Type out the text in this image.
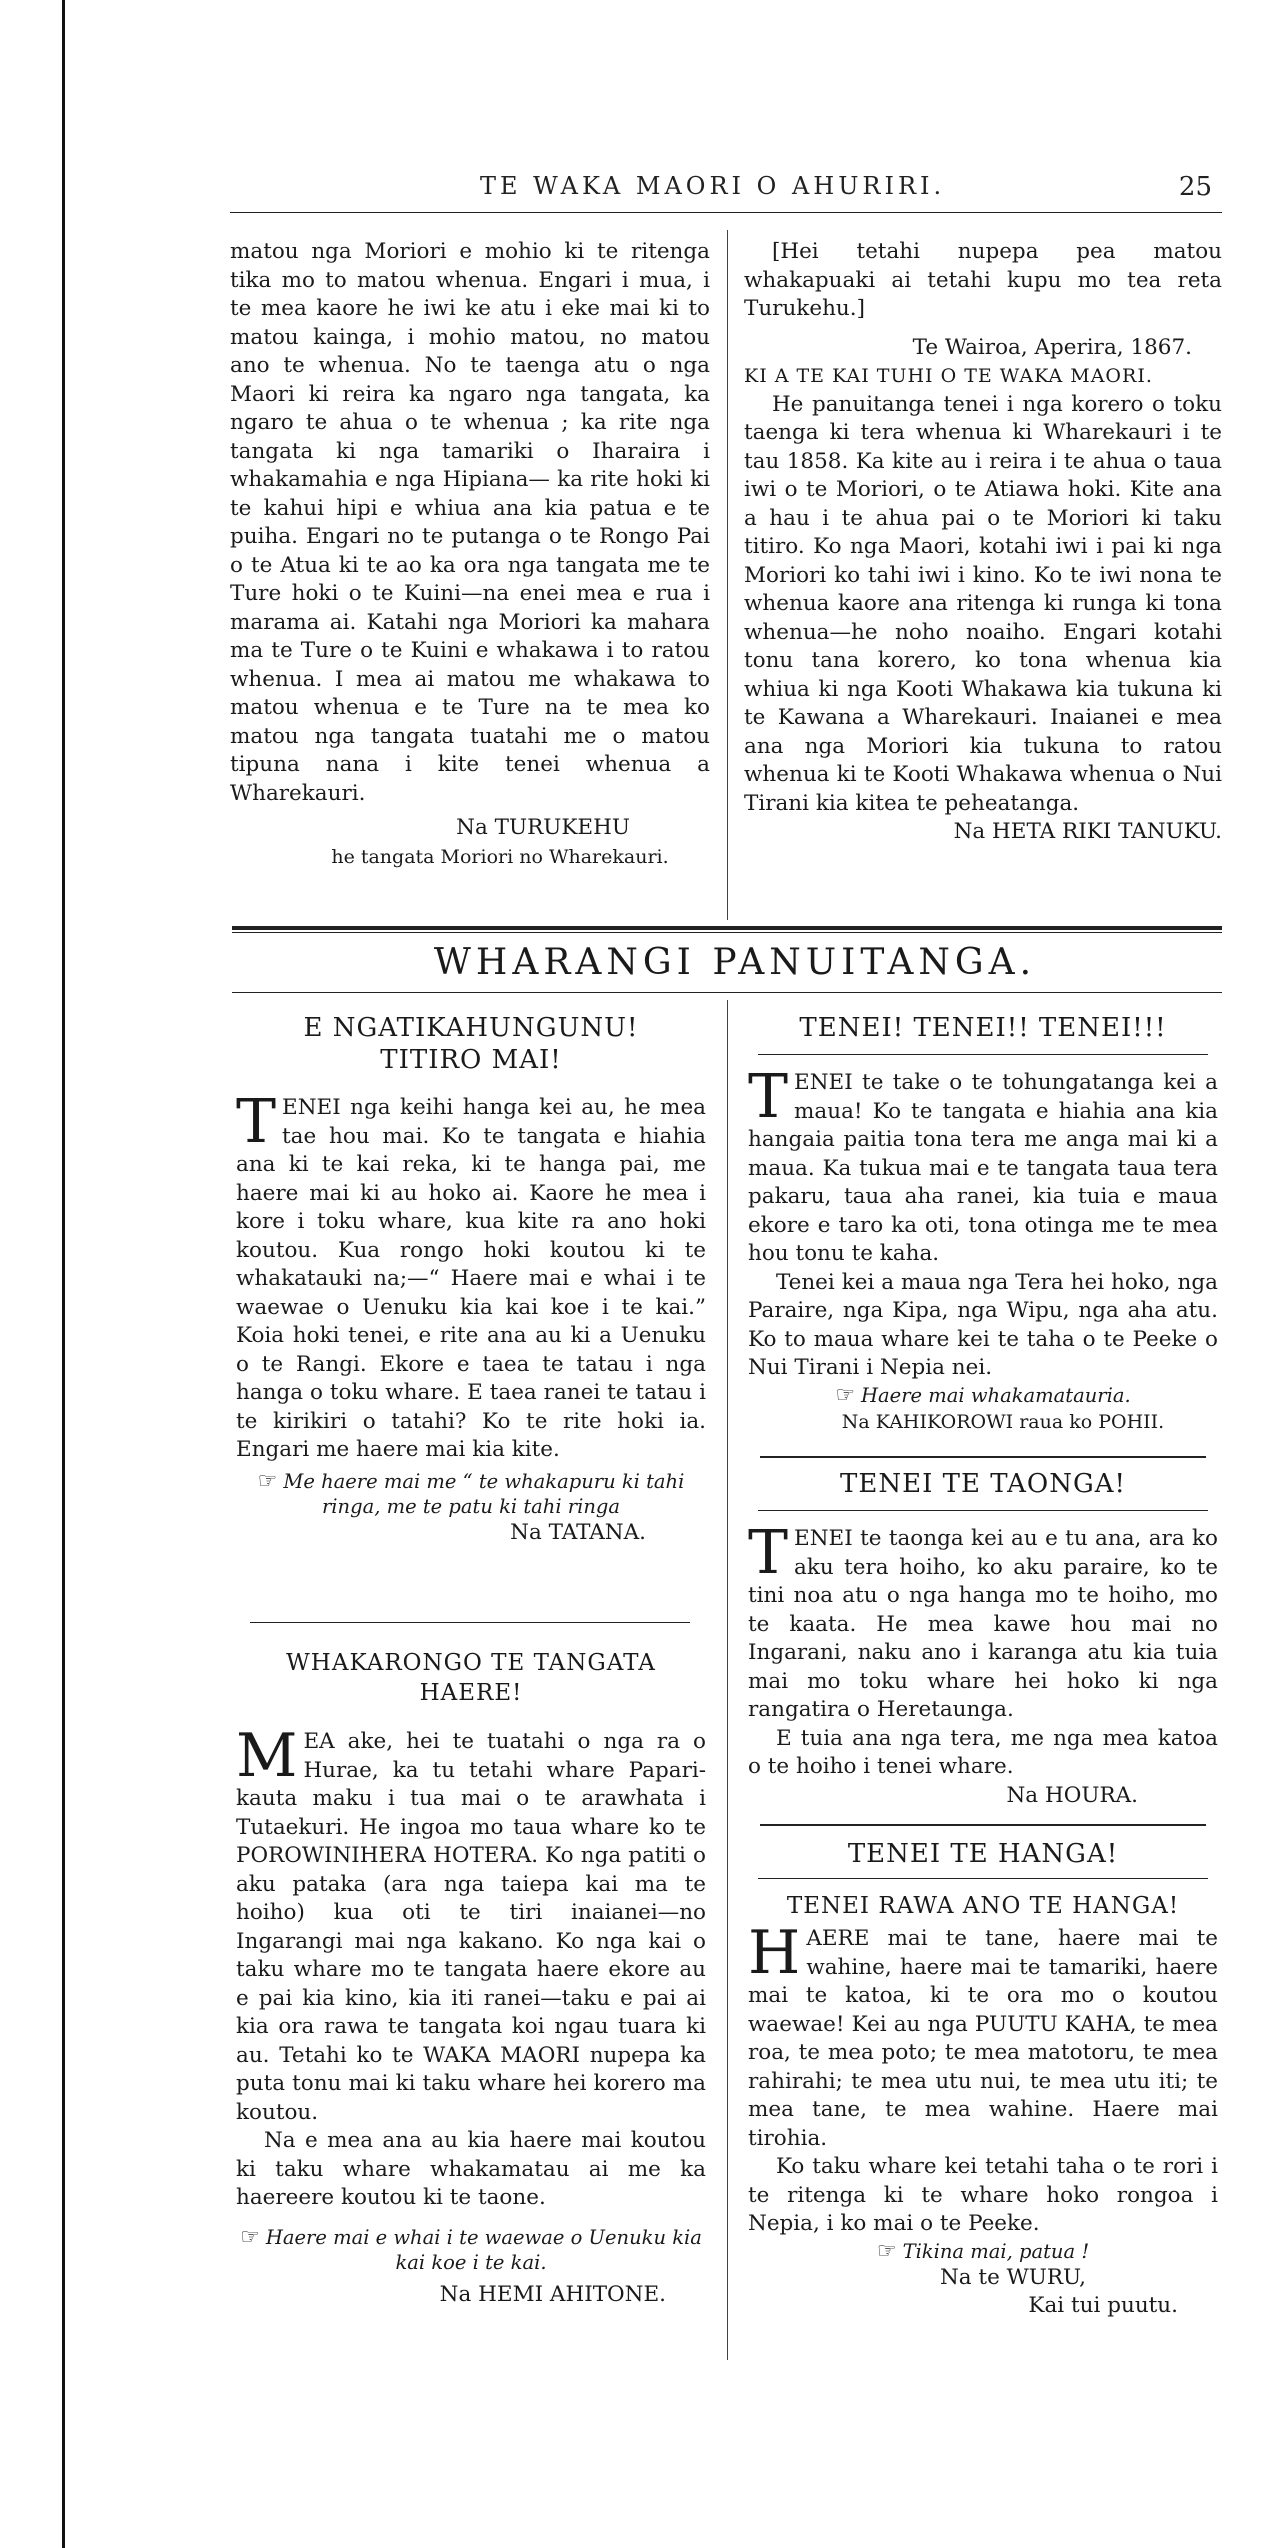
TE WAKA MAORI O AHURIRI.	25

matou nga Moriori e mohio ki te ritenga tika mo to matou whenua. Engari i mua, i te mea kaore he iwi ke atu i eke mai ki to matou kainga, i mohio matou, no matou ano te whenua. No te taenga atu o nga Maori ki reira ka ngaro nga tangata, ka ngaro te ahua o te whenua ; ka rite nga tangata ki nga tamariki o Iharaira i whakamahia e nga Hipiana— ka rite hoki ki te kahui hipi e whiua ana kia patua e te puiha. Engari no te putanga o te Rongo Pai o te Atua ki te ao ka ora nga tangata me te Ture hoki o te Kuini—na enei mea e rua i marama ai. Katahi nga Moriori ka mahara ma te Ture o te Kuini e whakawa i to ratou whenua. I mea ai matou me whakawa to matou whenua e te Ture na te mea ko matou nga tangata tuatahi me o matou tipuna nana i kite tenei whenua a Wharekauri.

Na TURUKEHU

he tangata Moriori no Wharekauri.

[Hei tetahi nupepa pea matou whakapuaki ai tetahi kupu mo tea reta Turukehu.]

Te Wairoa, Aperira, 1867.

KI A TE KAI TUHI O TE WAKA MAORI.

He panuitanga tenei i nga korero o toku taenga ki tera whenua ki Wharekauri i te tau 1858. Ka kite au i reira i te ahua o taua iwi o te Moriori, o te Atiawa hoki. Kite ana a hau i te ahua pai o te Moriori ki taku titiro. Ko nga Maori, kotahi iwi i pai ki nga Moriori ko tahi iwi i kino. Ko te iwi nona te whenua kaore ana ritenga ki runga ki tona whenua—he noho noaiho. Engari kotahi tonu tana korero, ko tona whenua kia whiua ki nga Kooti Whakawa kia tukuna ki te Kawana a Wharekauri. Inaianei e mea ana nga Moriori kia tukuna to ratou whenua ki te Kooti Whakawa whenua o Nui Tirani kia kitea te peheatanga.

Na HETA RIKI TANUKU.

WHARANGI PANUITANGA.
E NGATIKAHUNGUNU! TITIRO MAI!

TENEI nga keihi hanga kei au, he mea tae hou mai. Ko te tangata e hiahia ana ki te kai reka, ki te hanga pai, me haere mai ki au hoko ai. Kaore he mea i kore i toku whare, kua kite ra ano hoki koutou. Kua rongo hoki koutou ki te whakatauki na;—“ Haere mai e whai i te waewae o Uenuku kia kai koe i te kai.” Koia hoki tenei, e rite ana au ki a Uenuku o te Rangi. Ekore e taea te tatau i nga hanga o toku whare. E taea ranei te tatau i te kirikiri o tatahi? Ko te rite hoki ia. Engari me haere mai kia kite.

☞ Me haere mai me “ te whakapuru ki tahi ringa, me te patu ki tahi ringa

Na TATANA.

WHAKARONGO TE TANGATA HAERE!

MEA ake, hei te tuatahi o nga ra o Hurae, ka tu tetahi whare Papari-kauta maku i tua mai o te arawhata i Tutaekuri. He ingoa mo taua whare ko te POROWINIHERA HOTERA. Ko nga patiti o aku pataka (ara nga taiepa kai ma te hoiho) kua oti te tiri inaianei—no Ingarangi mai nga kakano. Ko nga kai o taku whare mo te tangata haere ekore au e pai kia kino, kia iti ranei—taku e pai ai kia ora rawa te tangata koi ngau tuara ki au. Tetahi ko te WAKA MAORI nupepa ka puta tonu mai ki taku whare hei korero ma koutou.

Na e mea ana au kia haere mai koutou ki taku whare whakamatau ai me ka haereere koutou ki te taone.

☞ Haere mai e whai i te waewae o Uenuku kia kai koe i te kai.

Na HEMI AHITONE.

TENEI! TENEI!! TENEI!!!

TENEI te take o te tohungatanga kei a maua! Ko te tangata e hiahia ana kia hangaia paitia tona tera me anga mai ki a maua. Ka tukua mai e te tangata taua tera pakaru, taua aha ranei, kia tuia e maua ekore e taro ka oti, tona otinga me te mea hou tonu te kaha.

Tenei kei a maua nga Tera hei hoko, nga Paraire, nga Kipa, nga Wipu, nga aha atu. Ko to maua whare kei te taha o te Peeke o Nui Tirani i Nepia nei.

☞ Haere mai whakamatauria.

Na KAHIKOROWI raua ko POHII.

TENEI TE TAONGA!

TENEI te taonga kei au e tu ana, ara ko aku tera hoiho, ko aku paraire, ko te tini noa atu o nga hanga mo te hoiho, mo te kaata. He mea kawe hou mai no Ingarani, naku ano i karanga atu kia tuia mai mo toku whare hei hoko ki nga rangatira o Heretaunga.

E tuia ana nga tera, me nga mea katoa o te hoiho i tenei whare.

Na HOURA.

TENEI TE HANGA!
TENEI RAWA ANO TE HANGA!

HAERE mai te tane, haere mai te wahine, haere mai te tamariki, haere mai te katoa, ki te ora mo o koutou waewae! Kei au nga PUUTU KAHA, te mea roa, te mea poto; te mea matotoru, te mea rahirahi; te mea utu nui, te mea utu iti; te mea tane, te mea wahine. Haere mai tirohia.

Ko taku whare kei tetahi taha o te rori i te ritenga ki te whare hoko rongoa i Nepia, i ko mai o te Peeke.

☞ Tikina mai, patua !

Na te WURU,

Kai tui puutu.
